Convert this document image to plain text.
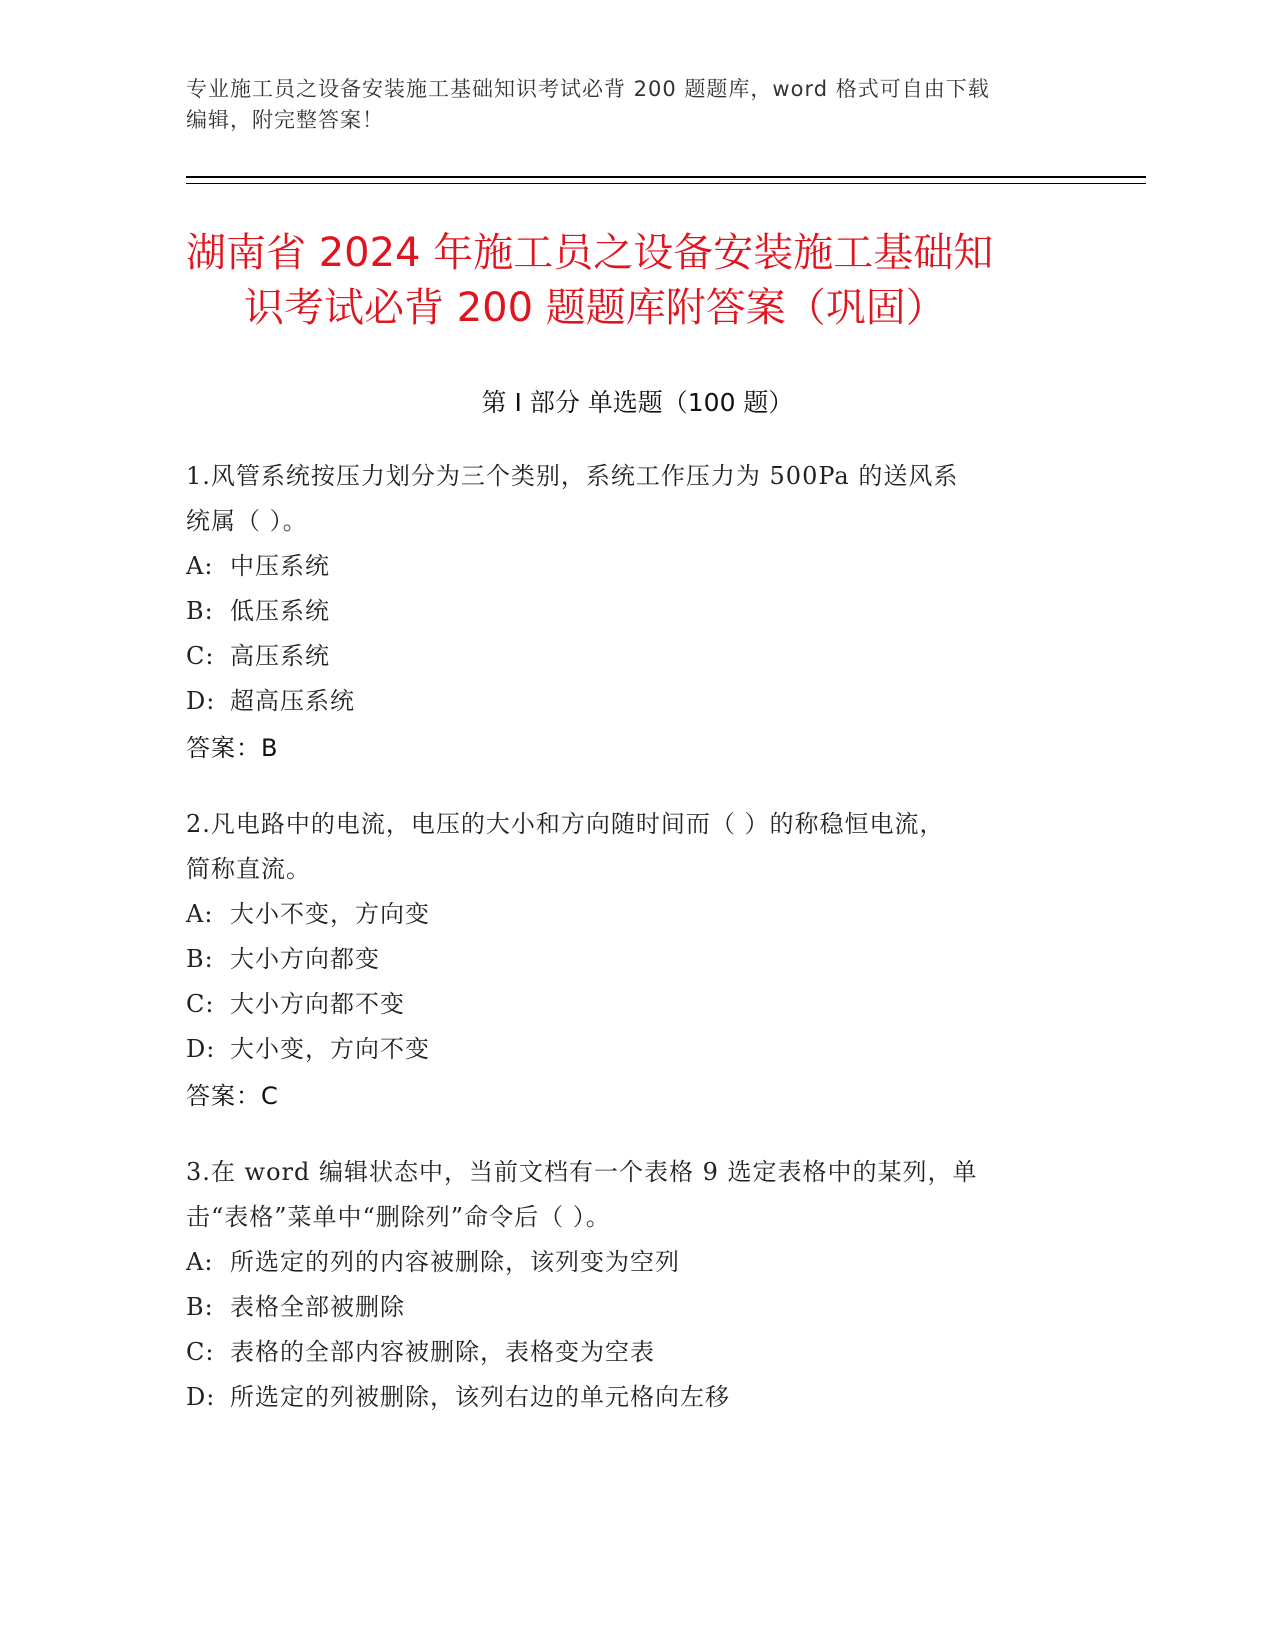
专业施工员之设备安装施工基础知识考试必背 200 题题库，word 格式可自由下载
编辑，附完整答案！
湖南省 2024 年施工员之设备安装施工基础知
识考试必背 200 题题库附答案（巩固）
第 I 部分 单选题（100 题）
1.风管系统按压力划分为三个类别，系统工作压力为 500Pa 的送风系
统属（ ）。
A: 中压系统
B: 低压系统
C: 高压系统
D: 超高压系统
答案：B
2.凡电路中的电流，电压的大小和方向随时间而（ ）的称稳恒电流，
简称直流。
A: 大小不变，方向变
B: 大小方向都变
C: 大小方向都不变
D: 大小变，方向不变
答案：C
3.在 word 编辑状态中，当前文档有一个表格 9 选定表格中的某列，单
击“表格”菜单中“删除列”命令后（ ）。
A: 所选定的列的内容被删除，该列变为空列
B: 表格全部被删除
C: 表格的全部内容被删除，表格变为空表
D: 所选定的列被删除，该列右边的单元格向左移
